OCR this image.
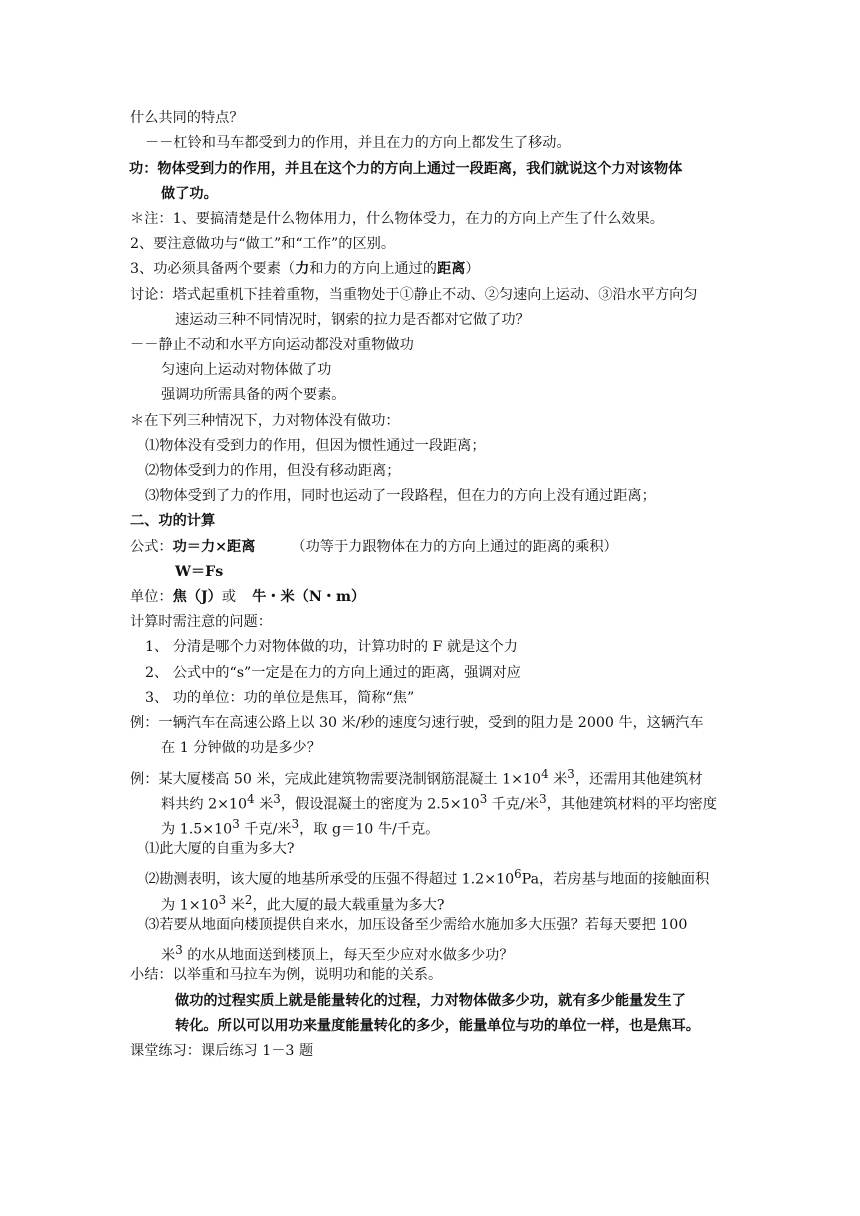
什么共同的特点？
－－杠铃和马车都受到力的作用，并且在力的方向上都发生了移动。
功：物体受到力的作用，并且在这个力的方向上通过一段距离，我们就说这个力对该物体
做了功。
＊注：1、要搞清楚是什么物体用力，什么物体受力，在力的方向上产生了什么效果。
2、要注意做功与“做工”和“工作”的区别。
3、功必须具备两个要素（力和力的方向上通过的距离）
讨论：塔式起重机下挂着重物，当重物处于①静止不动、②匀速向上运动、③沿水平方向匀
速运动三种不同情况时，钢索的拉力是否都对它做了功？
－－静止不动和水平方向运动都没对重物做功
匀速向上运动对物体做了功
强调功所需具备的两个要素。
＊在下列三种情况下，力对物体没有做功：
⑴物体没有受到力的作用，但因为惯性通过一段距离；
⑵物体受到力的作用，但没有移动距离；
⑶物体受到了力的作用，同时也运动了一段路程，但在力的方向上没有通过距离；
二、功的计算
公式：功＝力×距离	（功等于力跟物体在力的方向上通过的距离的乘积）
W＝Fs
单位：焦（J）或 牛・米（N・m）
计算时需注意的问题：
1、 分清是哪个力对物体做的功，计算功时的 F 就是这个力
2、 公式中的“s”一定是在力的方向上通过的距离，强调对应
3、 功的单位：功的单位是焦耳，简称“焦”
例：一辆汽车在高速公路上以 30 米/秒的速度匀速行驶，受到的阻力是 2000 牛，这辆汽车
在 1 分钟做的功是多少？
例：某大厦楼高 50 米，完成此建筑物需要浇制钢筋混凝土 $1\times 10^4$ 米$^3$，还需用其他建筑材
料共约 $2\times 10^4$ 米$^3$，假设混凝土的密度为 $2.5\times 10^3$ 千克/米$^3$，其他建筑材料的平均密度
为 $1.5\times 10^3$ 千克/米$^3$，取 g＝10 牛/千克。
⑴此大厦的自重为多大?
⑵勘测表明，该大厦的地基所承受的压强不得超过 $1.2\times 10^6Pa$，若房基与地面的接触面积
为 $1\times 10^3$ 米$^2$，此大厦的最大载重量为多大?
⑶若要从地面向楼顶提供自来水，加压设备至少需给水施加多大压强？若每天要把 100
米$^3$ 的水从地面送到楼顶上，每天至少应对水做多少功？
小结：以举重和马拉车为例，说明功和能的关系。
做功的过程实质上就是能量转化的过程，力对物体做多少功，就有多少能量发生了
转化。所以可以用功来量度能量转化的多少，能量单位与功的单位一样，也是焦耳。
课堂练习：课后练习 1－3 题
